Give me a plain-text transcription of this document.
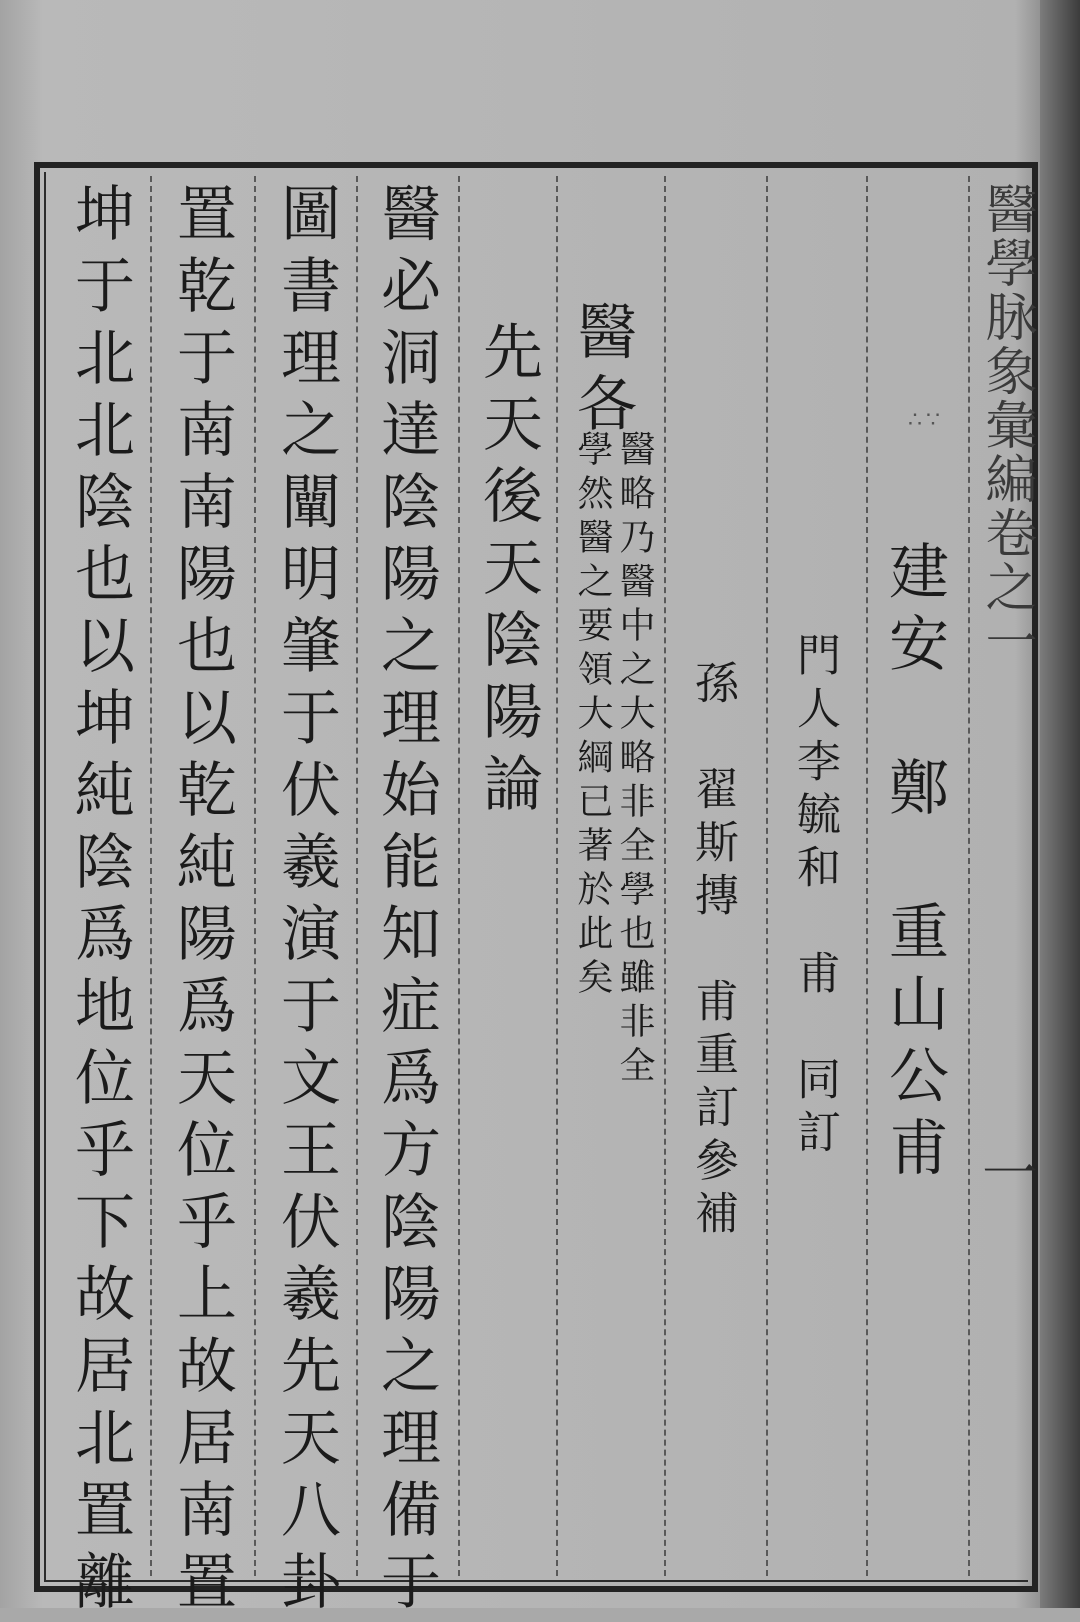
醫學脉象彙編卷之一
一
∴∵
建安　鄭　重山公甫
門人李毓和　甫　同訂
孫　翟斯摶　甫重訂參補
醫各
學然醫之要領大綱已著於此矣 醫略乃醫中之大略非全學也雖非全
先天後天陰陽論
醫必洞達陰陽之理始能知症爲方陰陽之理備于
圖書理之闡明肇于伏羲演于文王伏羲先天八卦
置乾于南南陽也以乾純陽爲天位乎上故居南置
坤于北北陰也以坤純陰爲地位乎下故居北置離
